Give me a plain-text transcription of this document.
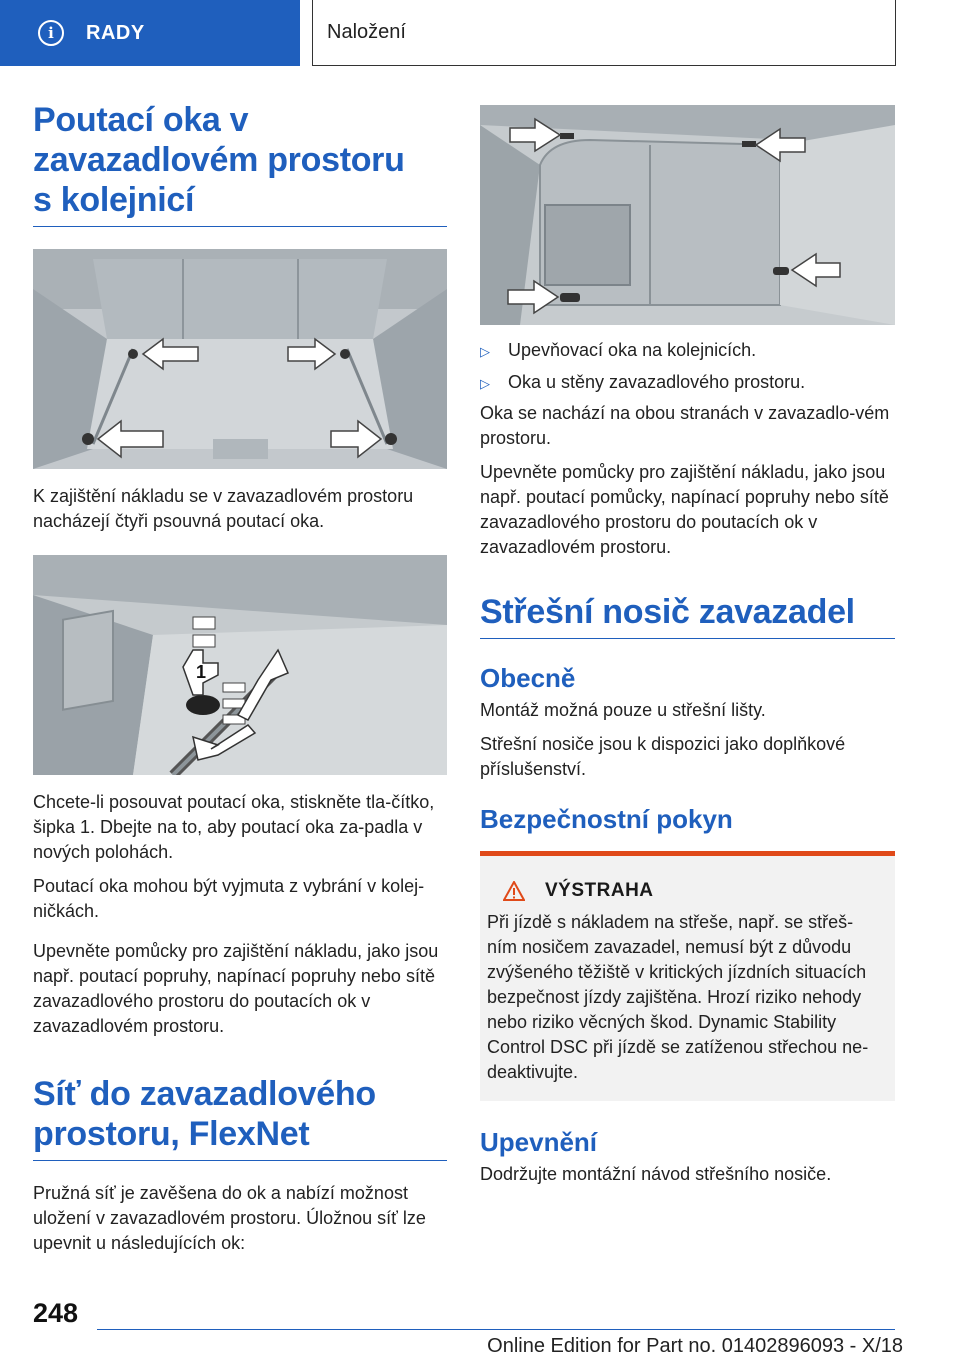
i	RADY	Naložení
Poutací oka v zavazadlovém prostoru s kolejnicí

K zajištění nákladu se v zavazadlovém prostoru nacházejí čtyři psouvná poutací oka.

1

Chcete-li posouvat poutací oka, stiskněte tla-čítko, šipka 1. Dbejte na to, aby poutací oka za-padla v nových polohách.

Poutací oka mohou být vyjmuta z vybrání v kolej-ničkách.

Upevněte pomůcky pro zajištění nákladu, jako jsou např. poutací popruhy, napínací popruhy nebo sítě zavazadlového prostoru do poutacích ok v zavazadlovém prostoru.

Síť do zavazadlového prostoru, FlexNet

Pružná síť je zavěšena do ok a nabízí možnost uložení v zavazadlovém prostoru. Úložnou síť lze upevnit u následujících ok:

▷	Upevňovací oka na kolejnicích.
▷	Oka u stěny zavazadlového prostoru.

Oka se nachází na obou stranách v zavazadlo-vém prostoru.

Upevněte pomůcky pro zajištění nákladu, jako jsou např. poutací pomůcky, napínací popruhy nebo sítě zavazadlového prostoru do poutacích ok v zavazadlovém prostoru.

Střešní nosič zavazadel
Obecně

Montáž možná pouze u střešní lišty.

Střešní nosiče jsou k dispozici jako doplňkové příslušenství.

Bezpečnostní pokyn
VÝSTRAHA

Při jízdě s nákladem na střeše, např. se střeš-ním nosičem zavazadel, nemusí být z důvodu zvýšeného těžiště v kritických jízdních situacích bezpečnost jízdy zajištěna. Hrozí riziko nehody nebo riziko věcných škod. Dynamic Stability Control DSC při jízdě se zatíženou střechou ne-deaktivujte.

Upevnění

Dodržujte montážní návod střešního nosiče.

248
Online Edition for Part no. 01402896093 - X/18
